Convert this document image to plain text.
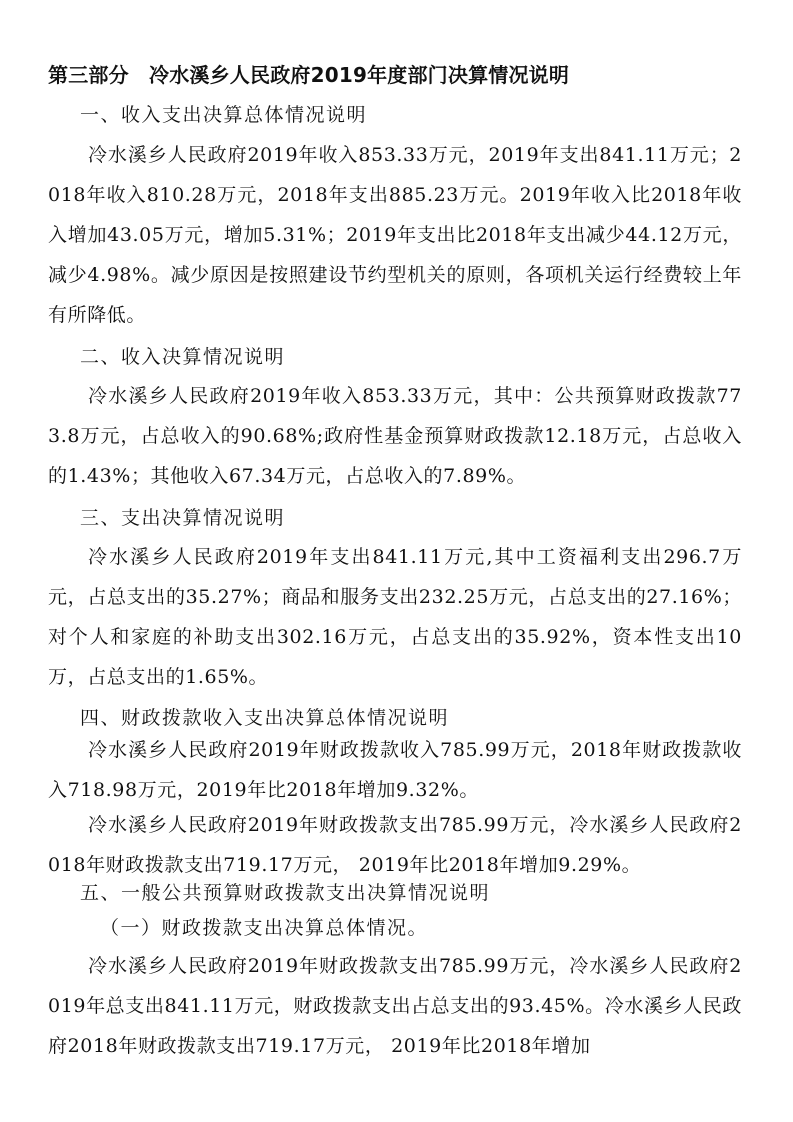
第三部分　冷水溪乡人民政府2019年度部门决算情况说明
一、收入支出决算总体情况说明
冷水溪乡人民政府2019年收入853.33万元，2019年支出841.11万元；2018年收入810.28万元，2018年支出885.23万元。2019年收入比2018年收入增加43.05万元，增加5.31%；2019年支出比2018年支出减少44.12万元，减少4.98%。减少原因是按照建设节约型机关的原则，各项机关运行经费较上年有所降低。
二、收入决算情况说明
冷水溪乡人民政府2019年收入853.33万元，其中：公共预算财政拨款773.8万元，占总收入的90.68%;政府性基金预算财政拨款12.18万元，占总收入的1.43%；其他收入67.34万元，占总收入的7.89%。
三、支出决算情况说明
冷水溪乡人民政府2019年支出841.11万元,其中工资福利支出296.7万元，占总支出的35.27%；商品和服务支出232.25万元，占总支出的27.16%；对个人和家庭的补助支出302.16万元，占总支出的35.92%，资本性支出10万，占总支出的1.65%。
四、财政拨款收入支出决算总体情况说明
冷水溪乡人民政府2019年财政拨款收入785.99万元，2018年财政拨款收入718.98万元，2019年比2018年增加9.32%。
冷水溪乡人民政府2019年财政拨款支出785.99万元，冷水溪乡人民政府2018年财政拨款支出719.17万元， 2019年比2018年增加9.29%。
五、一般公共预算财政拨款支出决算情况说明
（一）财政拨款支出决算总体情况。
冷水溪乡人民政府2019年财政拨款支出785.99万元，冷水溪乡人民政府2019年总支出841.11万元，财政拨款支出占总支出的93.45%。冷水溪乡人民政府2018年财政拨款支出719.17万元， 2019年比2018年增加
